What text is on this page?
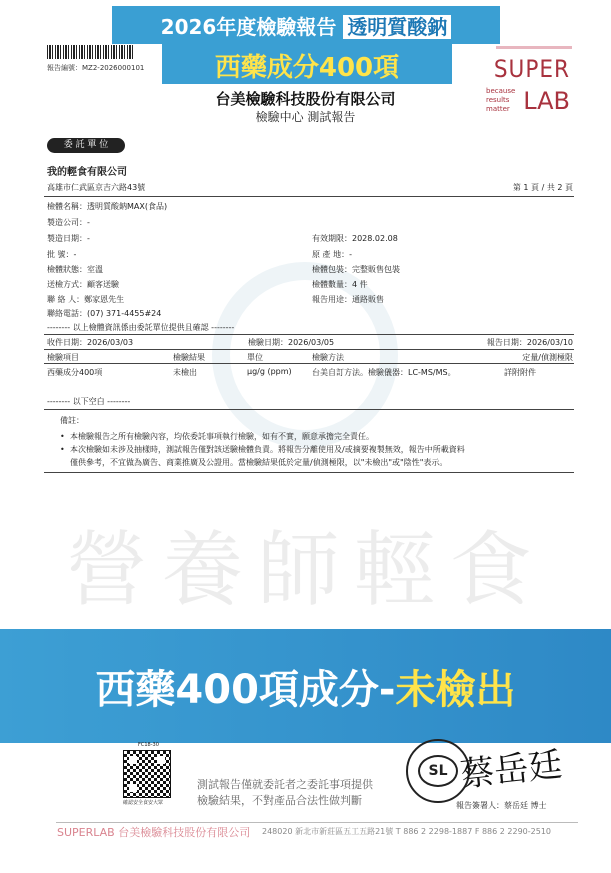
營養師輕食
報告編號：MZ2-2026000101
2026年度檢驗報告 透明質酸鈉
西藥成分400項	SUPER
because
results
matter LAB
台美檢驗科技股份有限公司
檢驗中心 測試報告
委 託 單 位
我的輕食有限公司
高雄市仁武區京吉六路43號	第 1 頁 / 共 2 頁
檢體名稱：透明質酸鈉MAX(食品)
製造公司：-
製造日期：-
批 號：-
檢體狀態：室溫
送檢方式：顧客送驗
聯 絡 人：鄭家恩先生
聯絡電話：(07) 371-4455#24
有效期限：2028.02.08
原 產 地：-
檢體包裝：完整販售包裝
檢體數量：4 件
報告用途：通路販售
-------- 以上檢體資訊係由委託單位提供且確認 --------
收件日期：2026/03/03	檢驗日期：2026/03/05	報告日期：2026/03/10
檢驗項目	檢驗結果	單位	檢驗方法	定量/偵測極限
西藥成分400項	未檢出	μg/g (ppm)	台美自訂方法。檢驗儀器：LC-MS/MS。	詳附附件
-------- 以下空白 --------
備註：
• 本檢驗報告之所有檢驗內容，均依委託事項執行檢驗，如有不實，願意承擔完全責任。
• 本次檢驗如未涉及抽樣時，測試報告僅對該送驗檢體負責。將報告分離使用及/或摘要複製無效，報告中所載資料
僅供參考，不宜做為廣告、商業推廣及公證用。當檢驗結果低於定量/偵測極限，以"未檢出"或"陰性"表示。
西藥400項成分-未檢出
FC18-30
確認安全食安大眾
測試報告僅就委託者之委託事項提供
檢驗結果，不對產品合法性做判斷
SL 蔡岳廷
報告簽署人：蔡岳廷 博士
SUPERLAB 台美檢驗科技股份有限公司 248020 新北市新莊區五工五路21號 T 886 2 2298-1887 F 886 2 2290-2510
